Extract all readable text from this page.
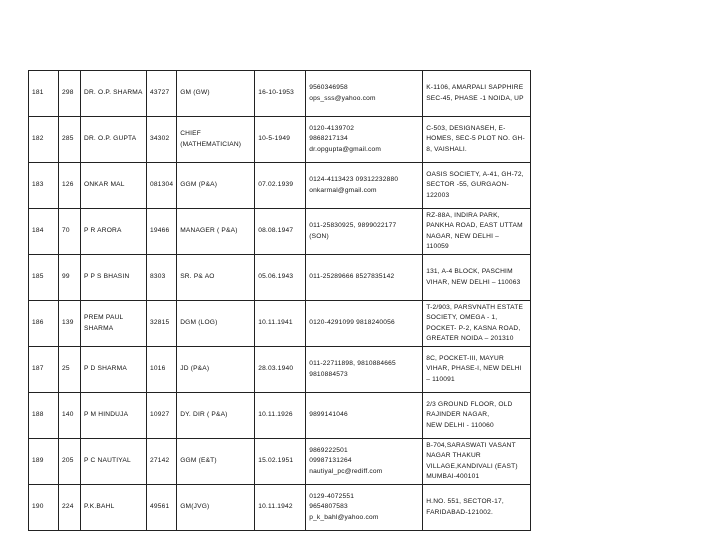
181	298	DR. O.P. SHARMA	43727	GM (GW)	16-10-1953	9560346958
ops_sss@yahoo.com	K-1106, AMARPALI SAPPHIRE
SEC-45, PHASE -1 NOIDA, UP

182	285	DR. O.P. GUPTA	34302	CHIEF (MATHEMATICIAN)	10-5-1949	0120-4139702
9868217134
dr.opgupta@gmail.com	C-503, DESIGNASEH, E-
HOMES, SEC-5 PLOT NO. GH-
8, VAISHALI.

183	126	ONKAR MAL	081304	GGM (P&A)	07.02.1939	0124-4113423 09312232880
onkarmal@gmail.com	OASIS SOCIETY, A-41, GH-72,
SECTOR -55, GURGAON-
122003

184	70	P R ARORA	19466	MANAGER ( P&A)	08.08.1947	011-25830925, 9899022177
(SON)	RZ-88A, INDIRA PARK,
PANKHA ROAD, EAST UTTAM
NAGAR, NEW DELHI –
110059

185	99	P P S BHASIN	8303	SR. P& AO	05.06.1943	011-25289666 8527835142	131, A-4 BLOCK, PASCHIM
VIHAR, NEW DELHI – 110063

186	139	PREM PAUL SHARMA	32815	DGM (LOG)	10.11.1941	0120-4291099 9818240056	T-2/903, PARSVNATH ESTATE
SOCIETY, OMEGA - 1,
POCKET- P-2, KASNA ROAD,
GREATER NOIDA – 201310

187	25	P D SHARMA	1016	JD (P&A)	28.03.1940	011-22711898, 9810884665
9810884573	8C, POCKET-III, MAYUR
VIHAR, PHASE-I, NEW DELHI
– 110091

188	140	P M HINDUJA	10927	DY. DIR ( P&A)	10.11.1926	9899141046	2/3 GROUND FLOOR, OLD
RAJINDER NAGAR,
NEW DELHI - 110060

189	205	P C NAUTIYAL	27142	GGM (E&T)	15.02.1951	9869222501
09987131264
nautiyal_pc@rediff.com	B-704,SARASWATI VASANT
NAGAR THAKUR
VILLAGE,KANDIVALI (EAST)
MUMBAI-400101

190	224	P.K.BAHL	49561	GM(JVG)	10.11.1942	0129-4072551
9654807583
p_k_bahl@yahoo.com	H.NO. 551, SECTOR-17,
FARIDABAD-121002.
